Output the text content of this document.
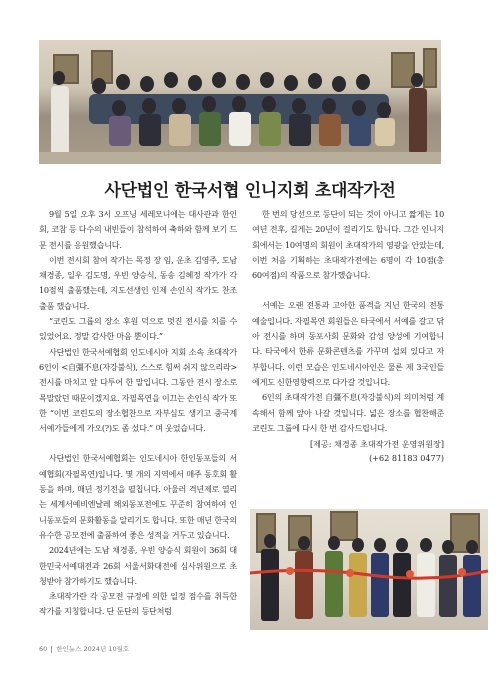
사단법인 한국서협 인니지회 초대작가전

9월 5일 오후 3시 오프닝 세레모니에는 대사관과 한인회, 코참 등 다수의 내빈들이 참석하여 축하와 함께 보기 드문 전시를 응원했습니다.

이번 전시회 참여 작가는 목정 장 임, 운초 김영주, 도남 채경종, 일우 김도명, 우빈 양승식, 동송 김혜정 작가가 각 10점씩 출품했는데, 지도선생인 인제 손인식 작가도 찬조출품 했습니다.

“코린도 그룹의 장소 후원 덕으로 멋진 전시를 치를 수 있었어요. 정말 감사한 마음 뿐이다.”

사단법인 한국서예협회 인도네시아 지회 소속 초대작가 6인이 <自彊不息(자강불식), 스스로 힘써 쉬지 않으리라> 전시를 마치고 앞 다투어 한 말입니다. 그동안 전시 장소로 목말랐던 때문이겠지요. 자필목연을 이끄는 손인식 작가 또한 “이번 코린도의 장소협찬으로 자부심도 생기고 중국계 서예가들에게 가오(?)도 좀 섰다.” 며 웃었습니다.

사단법인 한국서예협회는 인도네시아 한인동포들의 서예협회(자필목연)입니다. 몇 개의 지역에서 매주 동호회 활동을 하며, 매년 정기전을 펼칩니다. 아울러 격년제로 열리는 세계서예비엔날레 해외동포전에도 꾸준히 참여하여 인니동포들의 문화활동을 알리기도 합니다. 또한 매년 한국의 유수한 공모전에 출품하여 좋은 성적을 거두고 있습니다.

2024년에는 도남 채경종, 우빈 양승식 회원이 36회 대한민국서예대전과 26회 서울서화대전에 심사위원으로 초청받아 참가하기도 했습니다.

초대작가란 각 공모전 규정에 의한 일정 점수를 취득한 작가를 지칭합니다. 단 둔단의 등단처럼

한 번의 당선으로 등단이 되는 것이 아니고 짧게는 10여년 전후, 길게는 20년이 걸리기도 합니다. 그간 인니지회에서는 10여명의 회원이 초대작가의 영광을 안았는데, 이번 처음 기획하는 초대작가전에는 6명이 각 10점(총 60여점)의 작품으로 참가했습니다.

서예는 오랜 전통과 고아한 품격을 지닌 한국의 전통예술입니다. 자필목연 회원들은 타국에서 서예를 갈고 닦아 전시를 하며 동포사회 문화와 감성 양성에 기여합니다. 타국에서 한류 문화콘텐츠를 가꾸며 섭외 있다고 자부합니다. 이런 모습은 인도네시아인은 물론 제 3국인들에게도 신한영향력으로 다가갈 것입니다.

6인의 초대작가전 自彊不息(자강불식)의 의미처럼 계속해서 함께 앞아 나갈 것입니다. 넓은 장소를 협찬해준 코린도 그룹에 다시 한 번 감사드립니다.

[제공: 채경종 초대작가전 운영위원장]
(+62 81183 0477)
60 한인뉴스 2024년 10월호
